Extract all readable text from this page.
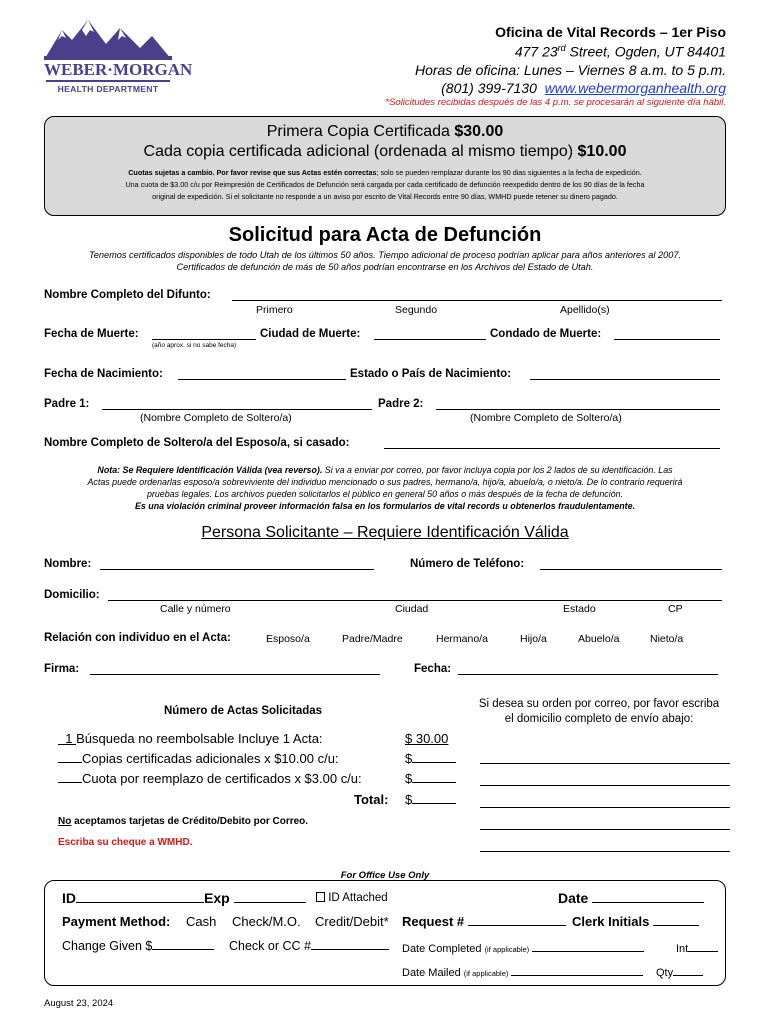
WEBER·MORGAN
HEALTH DEPARTMENT
Oficina de Vital Records – 1er Piso
477 23rd Street, Ogden, UT 84401
Horas de oficina: Lunes – Viernes 8 a.m. to 5 p.m.
(801) 399-7130 www.webermorganhealth.org
*Solicitudes recibidas después de las 4 p.m. se procesarán al siguiente día hábil.
Primera Copia Certificada $30.00
Cada copia certificada adicional (ordenada al mismo tiempo) $10.00
Cuotas sujetas a cambio. Por favor revise que sus Actas estén correctas; solo se pueden remplazar durante los 90 dias siguientes a la fecha de expedición.
Una cuota de $3.00 c/u por Reimpresión de Certificados de Defunción será cargada por cada certificado de defunción reexpedido dentro de los 90 días de la fecha
original de expedición. Si el solicitante no responde a un aviso por escrito de Vital Records entre 90 días, WMHD puede retener su dinero pagado.
Solicitud para Acta de Defunción
Tenemos certificados disponibles de todo Utah de los últimos 50 años. Tiempo adicional de proceso podrían aplicar para años anteriores al 2007.
Certificados de defunción de más de 50 años podrían encontrarse en los Archivos del Estado de Utah.
Nombre Completo del Difunto:
Primero	Segundo	Apellido(s)
Fecha de Muerte:
(año aprox. si no sabe fecha)
Ciudad de Muerte:	Condado de Muerte:
Fecha de Nacimiento:	Estado o País de Nacimiento:
Padre 1:
(Nombre Completo de Soltero/a)
Padre 2:
(Nombre Completo de Soltero/a)
Nombre Completo de Soltero/a del Esposo/a, si casado:
Nota: Se Requiere Identificación Válida (vea reverso). Si va a enviar por correo, por favor incluya copia por los 2 lados de su identificación. Las
Actas puede ordenarlas esposo/a sobreviviente del individuo mencionado o sus padres, hermano/a, hijo/a, abuelo/a, o nieto/a. De lo contrario requerirá
pruebas legales. Los archivos pueden solicitarlos el público en general 50 años o más después de la fecha de defunción.
Es una violación criminal proveer información falsa en los formularios de vital records u obtenerlos fraudulentamente.
Persona Solicitante – Requiere Identificación Válida
Nombre:	Número de Teléfono:
Domicilio:
Calle y número	Ciudad	Estado	CP
Relación con individuo en el Acta:	Esposo/a	Padre/Madre	Hermano/a	Hijo/a	Abuelo/a	Nieto/a
Firma:	Fecha:
Número de Actas Solicitadas
1 Búsqueda no reembolsable Incluye 1 Acta:	$ 30.00
Copias certificadas adicionales x $10.00 c/u:	$
Cuota por reemplazo de certificados x $3.00 c/u:	$
Total: $
No aceptamos tarjetas de Crédito/Debito por Correo.
Escriba su cheque a WMHD.
Si desea su orden por correo, por favor escriba
el domicilio completo de envío abajo:
For Office Use Only
ID	Exp	ID Attached	Date
Payment Method: Cash Check/M.O. Credit/Debit* Request #	Clerk Initials
Change Given $	Check or CC #	Date Completed (if applicable)	Int
Date Mailed (if applicable)	Qty
August 23, 2024
